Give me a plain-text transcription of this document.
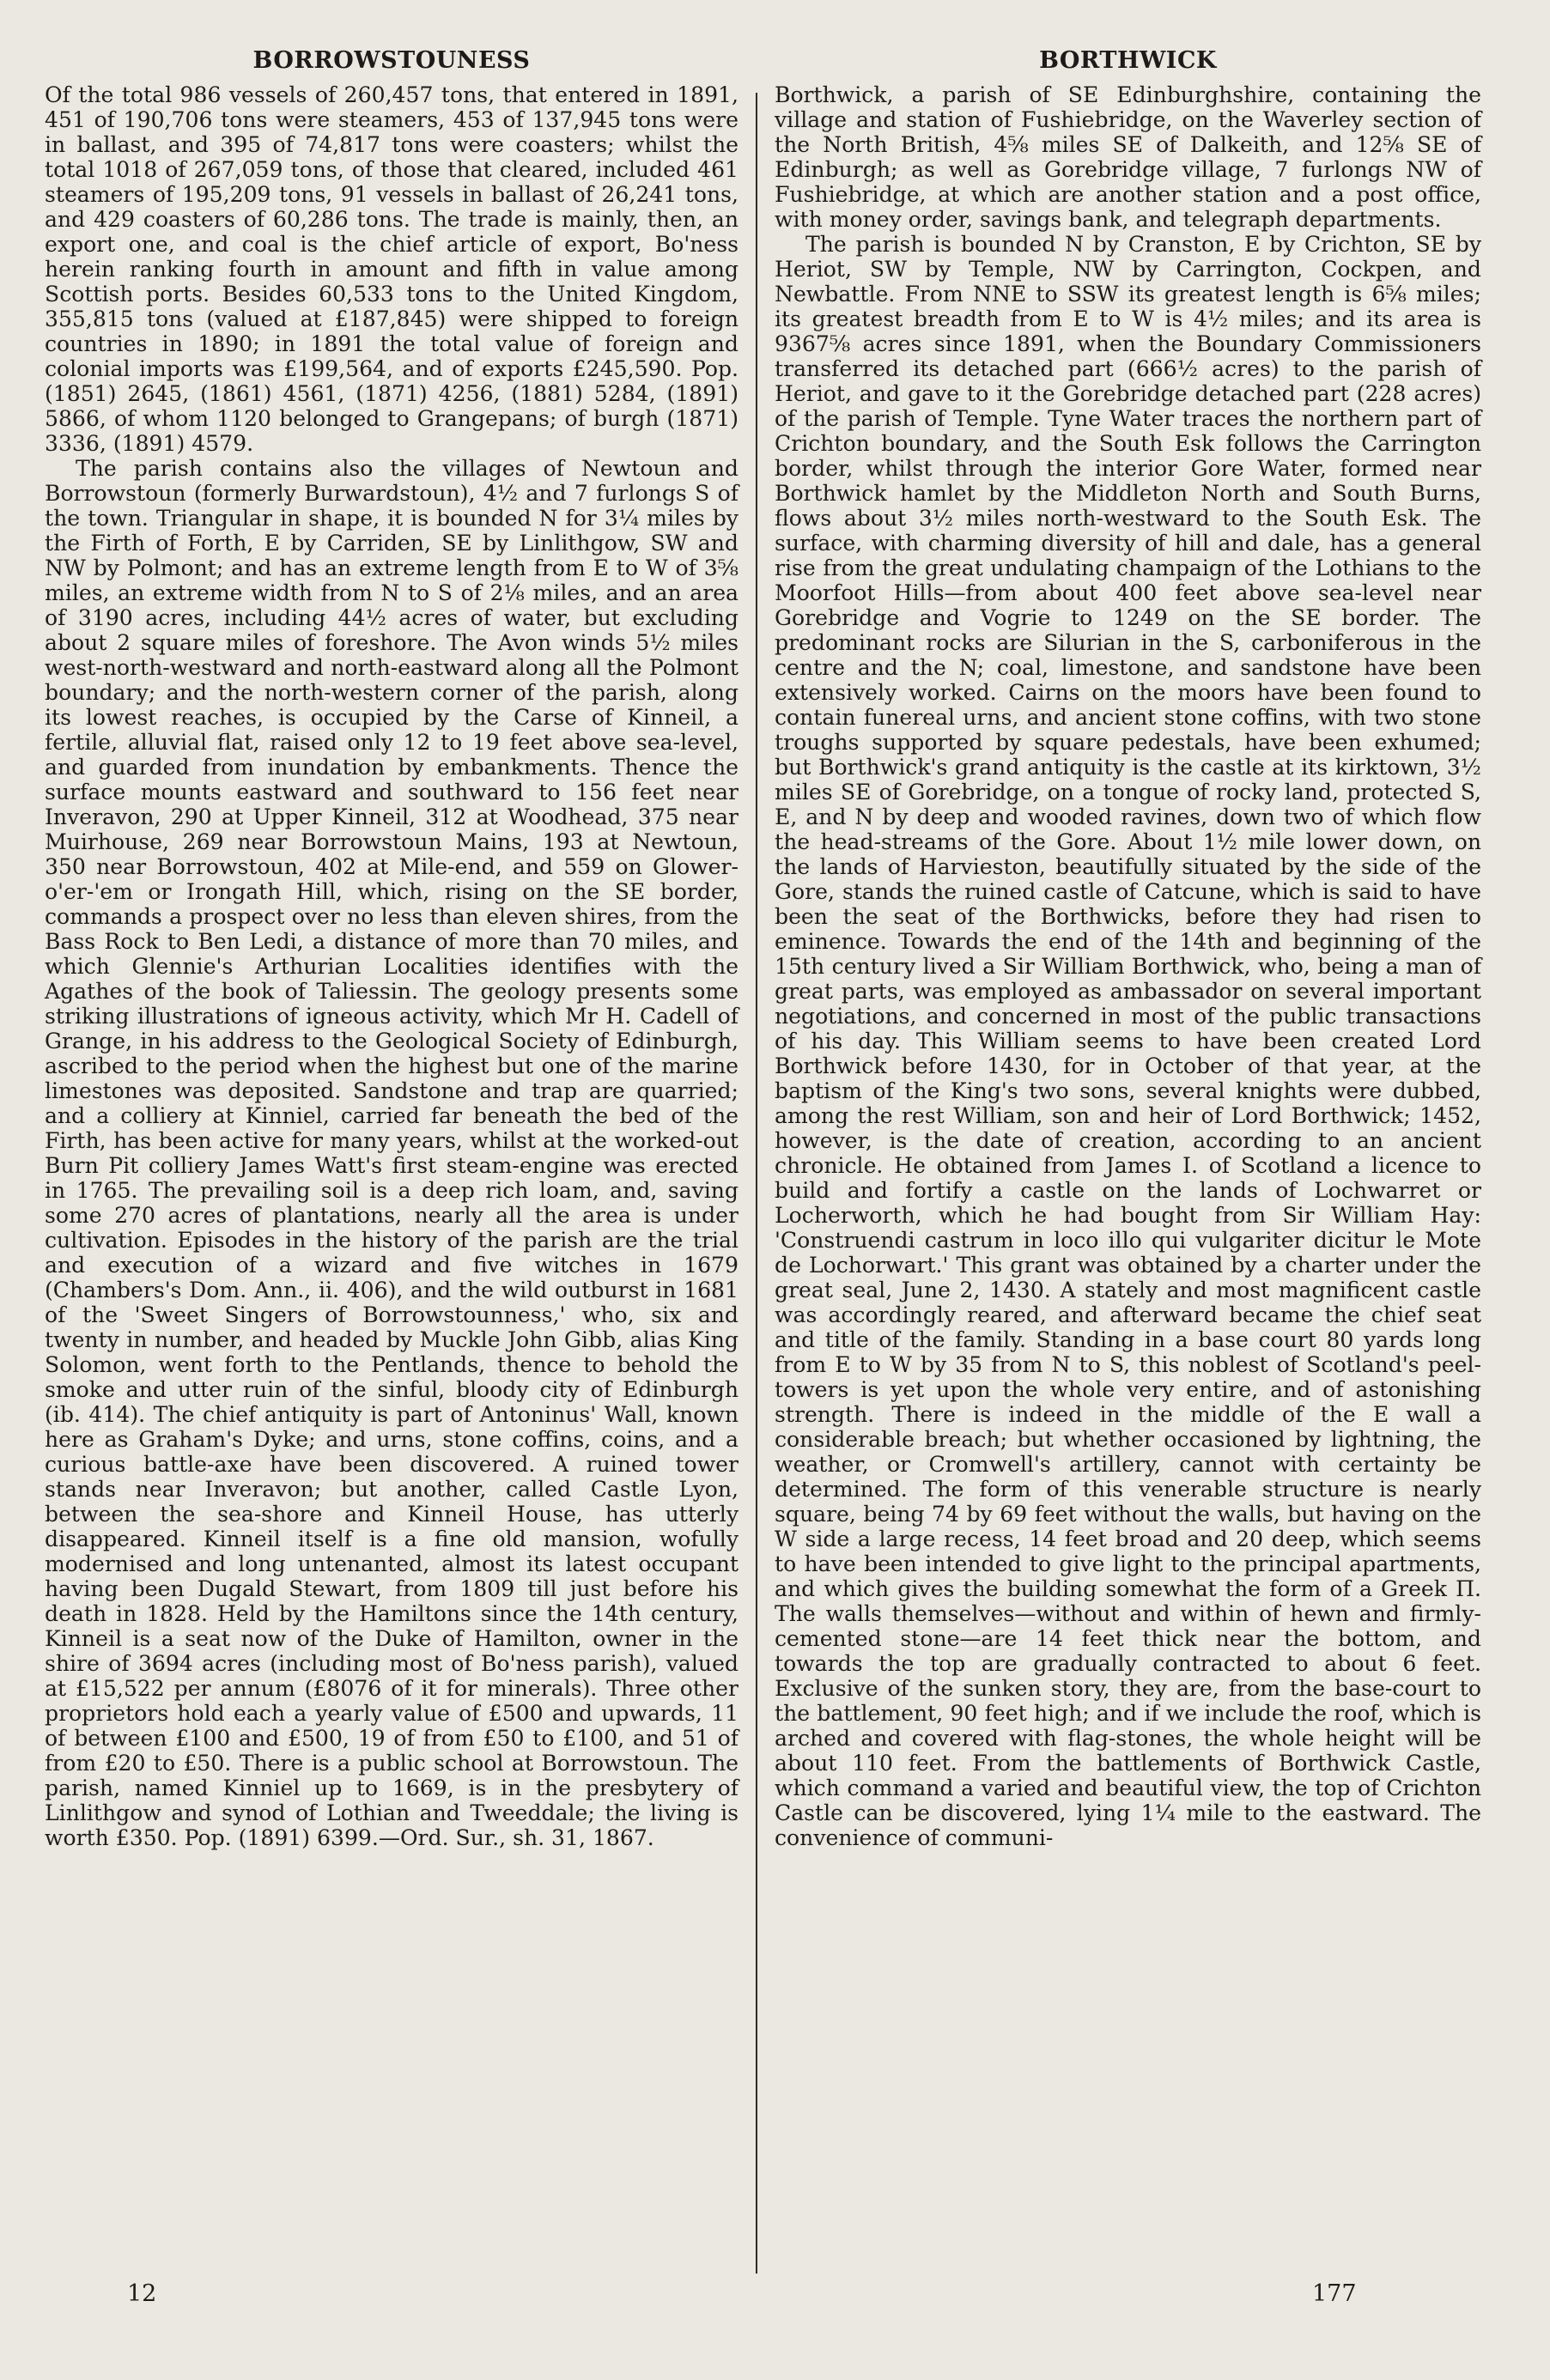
BORROWSTOUNESS

Of the total 986 vessels of 260,457 tons, that entered in 1891, 451 of 190,706 tons were steamers, 453 of 137,945 tons were in ballast, and 395 of 74,817 tons were coasters; whilst the total 1018 of 267,059 tons, of those that cleared, included 461 steamers of 195,209 tons, 91 vessels in ballast of 26,241 tons, and 429 coasters of 60,286 tons. The trade is mainly, then, an export one, and coal is the chief article of export, Bo'ness herein ranking fourth in amount and fifth in value among Scottish ports. Besides 60,533 tons to the United Kingdom, 355,815 tons (valued at £187,845) were shipped to foreign countries in 1890; in 1891 the total value of foreign and colonial imports was £199,564, and of exports £245,590. Pop. (1851) 2645, (1861) 4561, (1871) 4256, (1881) 5284, (1891) 5866, of whom 1120 belonged to Grangepans; of burgh (1871) 3336, (1891) 4579.

The parish contains also the villages of Newtoun and Borrowstoun (formerly Burwardstoun), 4½ and 7 furlongs S of the town. Triangular in shape, it is bounded N for 3¼ miles by the Firth of Forth, E by Carriden, SE by Linlithgow, SW and NW by Polmont; and has an extreme length from E to W of 3⅝ miles, an extreme width from N to S of 2⅛ miles, and an area of 3190 acres, including 44½ acres of water, but excluding about 2 square miles of foreshore. The Avon winds 5½ miles west-north-westward and north-eastward along all the Polmont boundary; and the north-western corner of the parish, along its lowest reaches, is occupied by the Carse of Kinneil, a fertile, alluvial flat, raised only 12 to 19 feet above sea-level, and guarded from inundation by embankments. Thence the surface mounts eastward and southward to 156 feet near Inveravon, 290 at Upper Kinneil, 312 at Woodhead, 375 near Muirhouse, 269 near Borrowstoun Mains, 193 at Newtoun, 350 near Borrowstoun, 402 at Mile-end, and 559 on Glower-o'er-'em or Irongath Hill, which, rising on the SE border, commands a prospect over no less than eleven shires, from the Bass Rock to Ben Ledi, a distance of more than 70 miles, and which Glennie's Arthurian Localities identifies with the Agathes of the book of Taliessin. The geology presents some striking illustrations of igneous activity, which Mr H. Cadell of Grange, in his address to the Geological Society of Edinburgh, ascribed to the period when the highest but one of the marine limestones was deposited. Sandstone and trap are quarried; and a colliery at Kinniel, carried far beneath the bed of the Firth, has been active for many years, whilst at the worked-out Burn Pit colliery James Watt's first steam-engine was erected in 1765. The prevailing soil is a deep rich loam, and, saving some 270 acres of plantations, nearly all the area is under cultivation. Episodes in the history of the parish are the trial and execution of a wizard and five witches in 1679 (Chambers's Dom. Ann., ii. 406), and the wild outburst in 1681 of the 'Sweet Singers of Borrowstounness,' who, six and twenty in number, and headed by Muckle John Gibb, alias King Solomon, went forth to the Pentlands, thence to behold the smoke and utter ruin of the sinful, bloody city of Edinburgh (ib. 414). The chief antiquity is part of Antoninus' Wall, known here as Graham's Dyke; and urns, stone coffins, coins, and a curious battle-axe have been discovered. A ruined tower stands near Inveravon; but another, called Castle Lyon, between the sea-shore and Kinneil House, has utterly disappeared. Kinneil itself is a fine old mansion, wofully modernised and long untenanted, almost its latest occupant having been Dugald Stewart, from 1809 till just before his death in 1828. Held by the Hamiltons since the 14th century, Kinneil is a seat now of the Duke of Hamilton, owner in the shire of 3694 acres (including most of Bo'ness parish), valued at £15,522 per annum (£8076 of it for minerals). Three other proprietors hold each a yearly value of £500 and upwards, 11 of between £100 and £500, 19 of from £50 to £100, and 51 of from £20 to £50. There is a public school at Borrowstoun. The parish, named Kinniel up to 1669, is in the presbytery of Linlithgow and synod of Lothian and Tweeddale; the living is worth £350. Pop. (1891) 6399.—Ord. Sur., sh. 31, 1867.

BORTHWICK

Borthwick, a parish of SE Edinburghshire, containing the village and station of Fushiebridge, on the Waverley section of the North British, 4⅝ miles SE of Dalkeith, and 12⅝ SE of Edinburgh; as well as Gorebridge village, 7 furlongs NW of Fushiebridge, at which are another station and a post office, with money order, savings bank, and telegraph departments.

The parish is bounded N by Cranston, E by Crichton, SE by Heriot, SW by Temple, NW by Carrington, Cockpen, and Newbattle. From NNE to SSW its greatest length is 6⅝ miles; its greatest breadth from E to W is 4½ miles; and its area is 9367⅝ acres since 1891, when the Boundary Commissioners transferred its detached part (666½ acres) to the parish of Heriot, and gave to it the Gorebridge detached part (228 acres) of the parish of Temple. Tyne Water traces the northern part of Crichton boundary, and the South Esk follows the Carrington border, whilst through the interior Gore Water, formed near Borthwick hamlet by the Middleton North and South Burns, flows about 3½ miles north-westward to the South Esk. The surface, with charming diversity of hill and dale, has a general rise from the great undulating champaign of the Lothians to the Moorfoot Hills—from about 400 feet above sea-level near Gorebridge and Vogrie to 1249 on the SE border. The predominant rocks are Silurian in the S, carboniferous in the centre and the N; coal, limestone, and sandstone have been extensively worked. Cairns on the moors have been found to contain funereal urns, and ancient stone coffins, with two stone troughs supported by square pedestals, have been exhumed; but Borthwick's grand antiquity is the castle at its kirktown, 3½ miles SE of Gorebridge, on a tongue of rocky land, protected S, E, and N by deep and wooded ravines, down two of which flow the head-streams of the Gore. About 1½ mile lower down, on the lands of Harvieston, beautifully situated by the side of the Gore, stands the ruined castle of Catcune, which is said to have been the seat of the Borthwicks, before they had risen to eminence. Towards the end of the 14th and beginning of the 15th century lived a Sir William Borthwick, who, being a man of great parts, was employed as ambassador on several important negotiations, and concerned in most of the public transactions of his day. This William seems to have been created Lord Borthwick before 1430, for in October of that year, at the baptism of the King's two sons, several knights were dubbed, among the rest William, son and heir of Lord Borthwick; 1452, however, is the date of creation, according to an ancient chronicle. He obtained from James I. of Scotland a licence to build and fortify a castle on the lands of Lochwarret or Locherworth, which he had bought from Sir William Hay: 'Construendi castrum in loco illo qui vulgariter dicitur le Mote de Lochorwart.' This grant was obtained by a charter under the great seal, June 2, 1430. A stately and most magnificent castle was accordingly reared, and afterward became the chief seat and title of the family. Standing in a base court 80 yards long from E to W by 35 from N to S, this noblest of Scotland's peel-towers is yet upon the whole very entire, and of astonishing strength. There is indeed in the middle of the E wall a considerable breach; but whether occasioned by lightning, the weather, or Cromwell's artillery, cannot with certainty be determined. The form of this venerable structure is nearly square, being 74 by 69 feet without the walls, but having on the W side a large recess, 14 feet broad and 20 deep, which seems to have been intended to give light to the principal apartments, and which gives the building somewhat the form of a Greek Π. The walls themselves—without and within of hewn and firmly-cemented stone—are 14 feet thick near the bottom, and towards the top are gradually contracted to about 6 feet. Exclusive of the sunken story, they are, from the base-court to the battlement, 90 feet high; and if we include the roof, which is arched and covered with flag-stones, the whole height will be about 110 feet. From the battlements of Borthwick Castle, which command a varied and beautiful view, the top of Crichton Castle can be discovered, lying 1¼ mile to the eastward. The convenience of communi-

12	177
